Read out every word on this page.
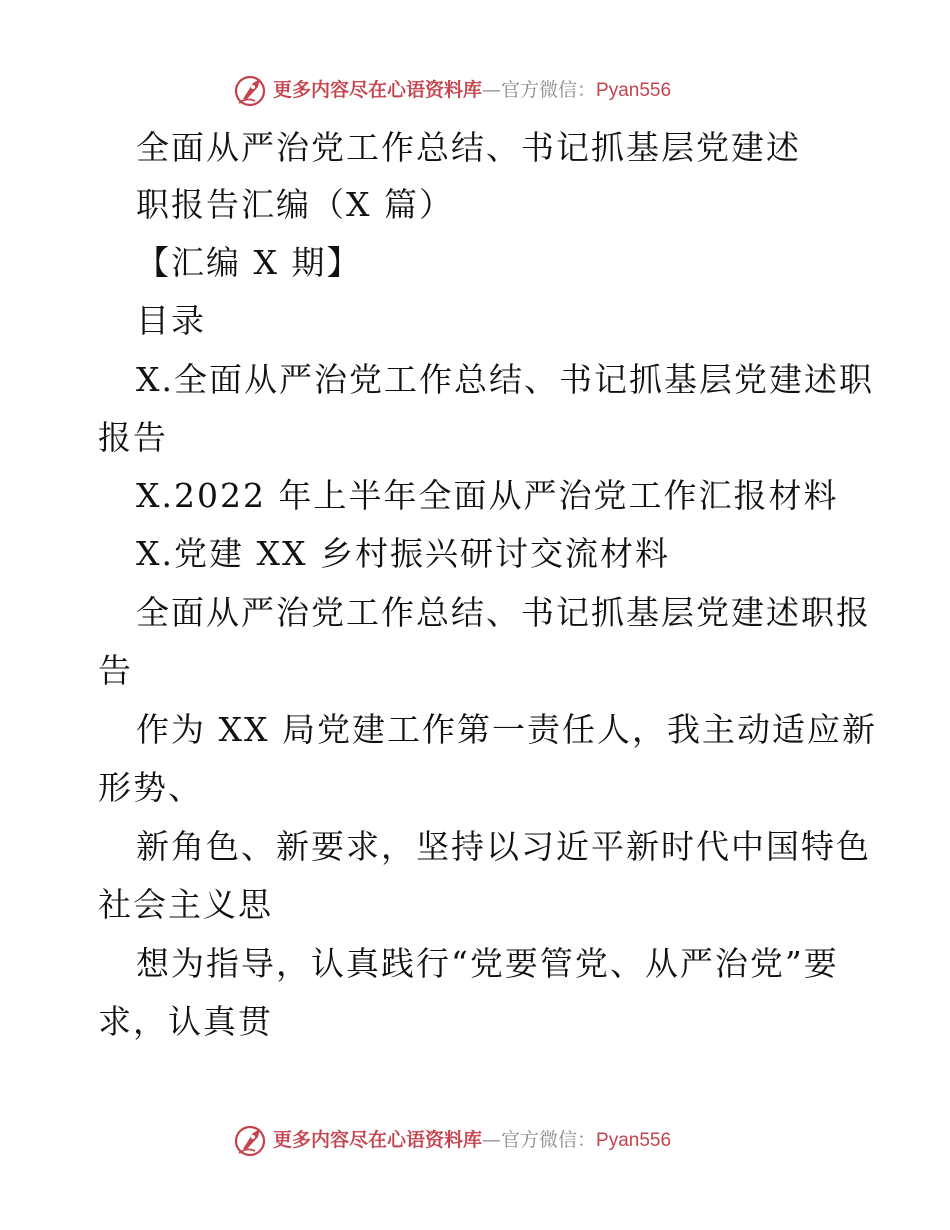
更多内容尽在心语资料库—官方微信：Pyan556
全面从严治党工作总结、书记抓基层党建述
职报告汇编（X 篇）
【汇编 X 期】
目录
X.全面从严治党工作总结、书记抓基层党建述职
报告
X.2022 年上半年全面从严治党工作汇报材料
X.党建 XX 乡村振兴研讨交流材料
全面从严治党工作总结、书记抓基层党建述职报
告
作为 XX 局党建工作第一责任人，我主动适应新
形势、
新角色、新要求，坚持以习近平新时代中国特色
社会主义思
想为指导，认真践行“党要管党、从严治党”要
求，认真贯
更多内容尽在心语资料库—官方微信：Pyan556
